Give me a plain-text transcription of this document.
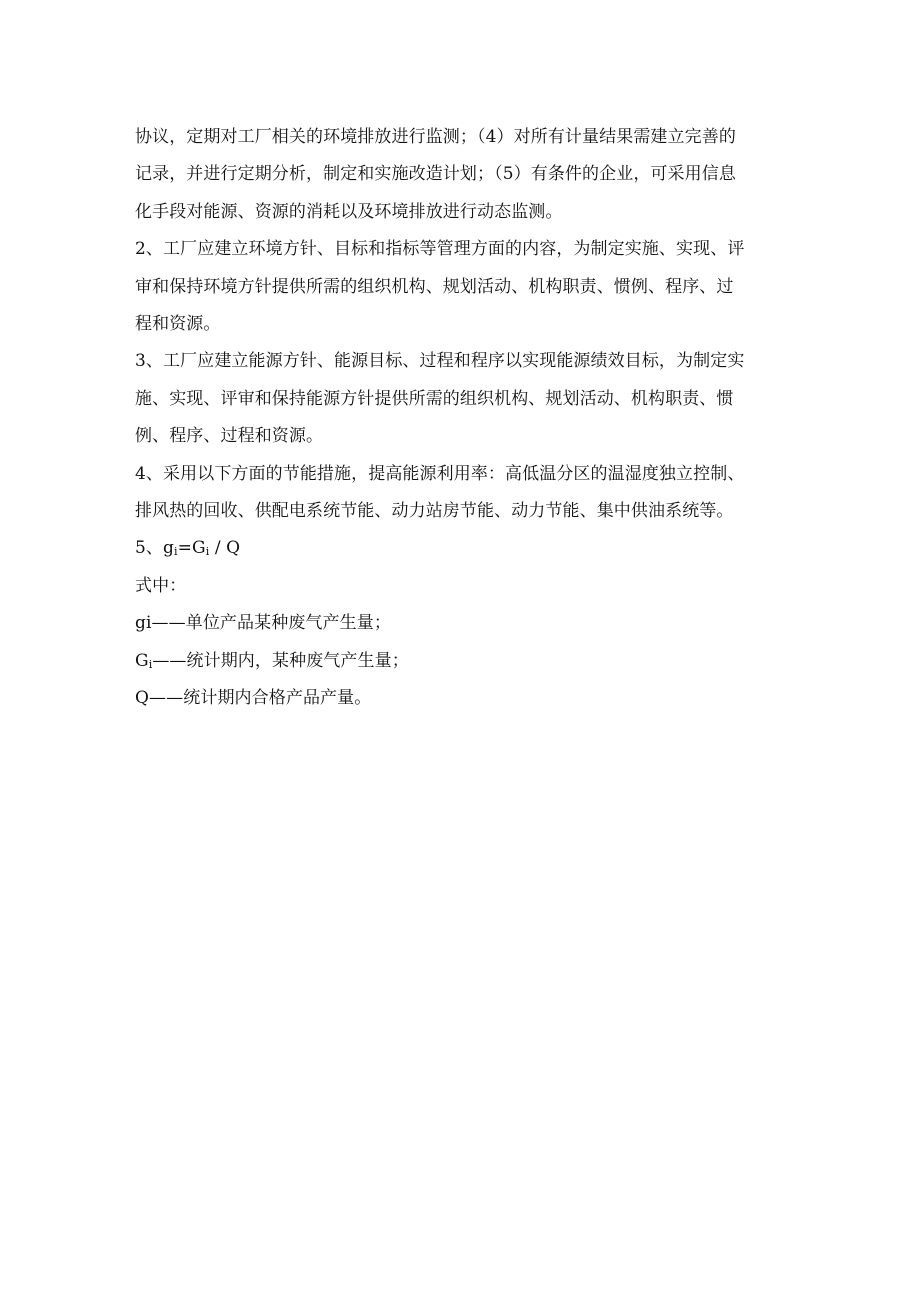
协议，定期对工厂相关的环境排放进行监测；（4）对所有计量结果需建立完善的
记录，并进行定期分析，制定和实施改造计划；（5）有条件的企业，可采用信息
化手段对能源、资源的消耗以及环境排放进行动态监测。

2、工厂应建立环境方针、目标和指标等管理方面的内容，为制定实施、实现、评
审和保持环境方针提供所需的组织机构、规划活动、机构职责、惯例、程序、过
程和资源。

3、工厂应建立能源方针、能源目标、过程和程序以实现能源绩效目标，为制定实
施、实现、评审和保持能源方针提供所需的组织机构、规划活动、机构职责、惯
例、程序、过程和资源。

4、采用以下方面的节能措施，提高能源利用率：高低温分区的温湿度独立控制、
排风热的回收、供配电系统节能、动力站房节能、动力节能、集中供油系统等。

5、$g_i=G_i / Q$
式中：
gi——单位产品某种废气产生量；
$G_i——$统计期内，某种废气产生量；
Q——统计期内合格产品产量。
